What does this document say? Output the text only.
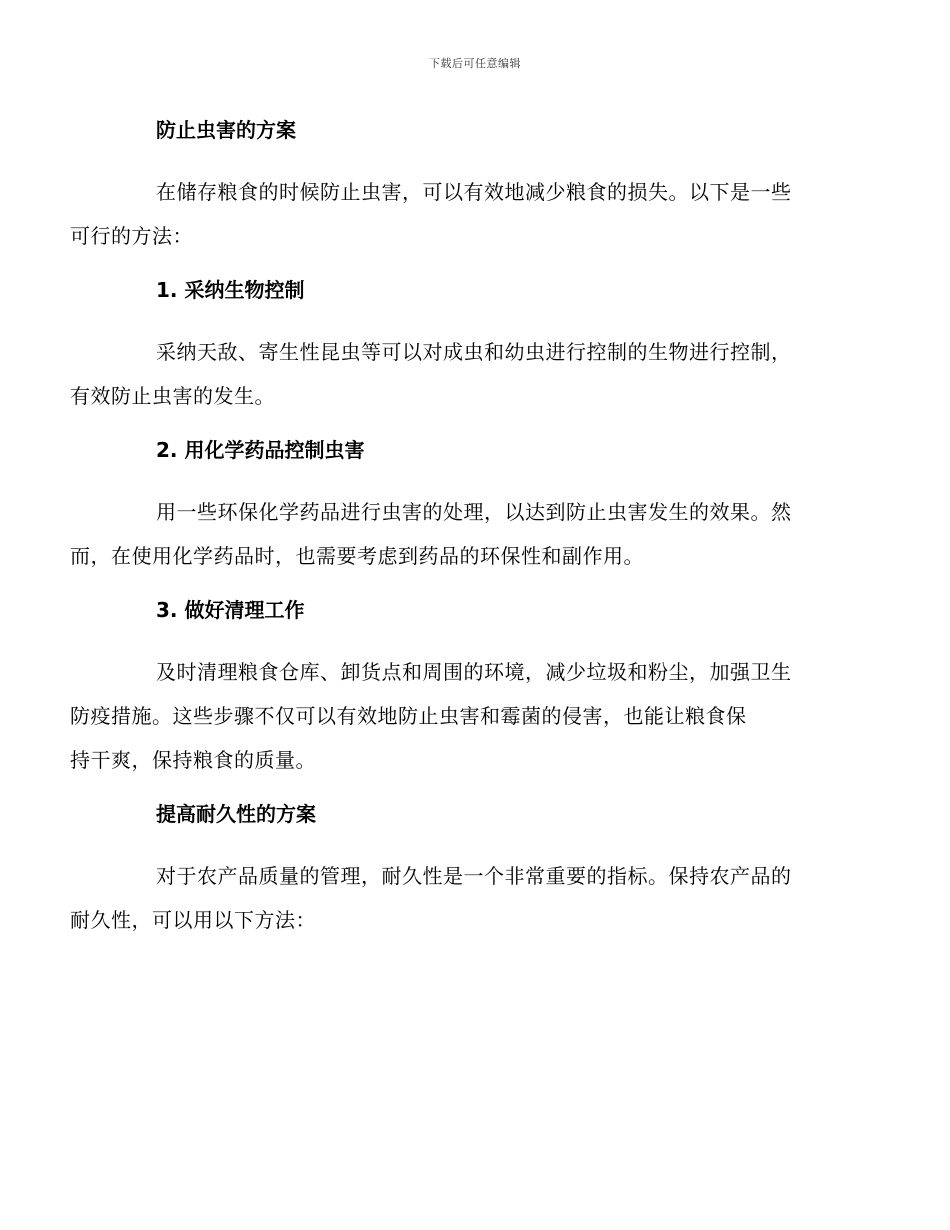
下载后可任意编辑
防止虫害的方案
在储存粮食的时候防止虫害，可以有效地减少粮食的损失。以下是一些
可行的方法：
1. 采纳生物控制
采纳天敌、寄生性昆虫等可以对成虫和幼虫进行控制的生物进行控制，
有效防止虫害的发生。
2. 用化学药品控制虫害
用一些环保化学药品进行虫害的处理，以达到防止虫害发生的效果。然
而，在使用化学药品时，也需要考虑到药品的环保性和副作用。
3. 做好清理工作
及时清理粮食仓库、卸货点和周围的环境，减少垃圾和粉尘，加强卫生
防疫措施。这些步骤不仅可以有效地防止虫害和霉菌的侵害，也能让粮食保
持干爽，保持粮食的质量。
提高耐久性的方案
对于农产品质量的管理，耐久性是一个非常重要的指标。保持农产品的
耐久性，可以用以下方法：
